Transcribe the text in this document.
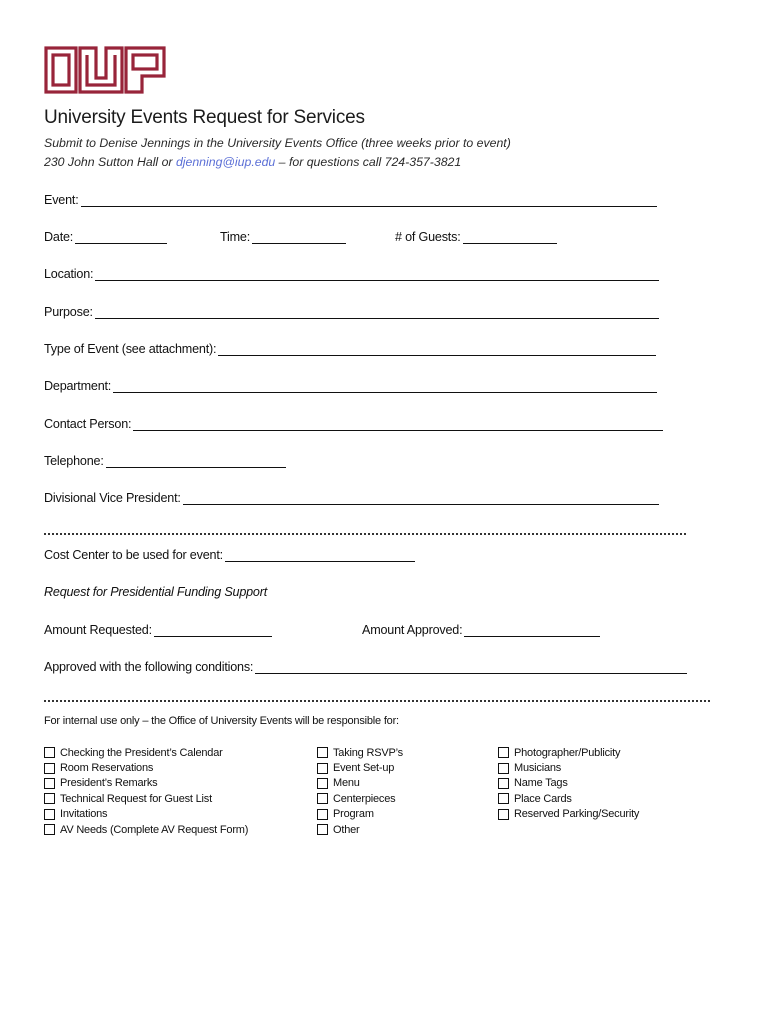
University Events Request for Services
Submit to Denise Jennings in the University Events Office (three weeks prior to event)
230 John Sutton Hall or djenning@iup.edu – for questions call 724-357-3821
Event:
Date:	Time:	# of Guests:
Location:
Purpose:
Type of Event (see attachment):
Department:
Contact Person:
Telephone:
Divisional Vice President:
Cost Center to be used for event:
Request for Presidential Funding Support
Amount Requested:	Amount Approved:
Approved with the following conditions:
For internal use only – the Office of University Events will be responsible for:
Checking the President’s Calendar
Room Reservations
President’s Remarks
Technical Request for Guest List
Invitations
AV Needs (Complete AV Request Form)
Taking RSVP’s
Event Set-up
Menu
Centerpieces
Program
Other
Photographer/Publicity
Musicians
Name Tags
Place Cards
Reserved Parking/Security
